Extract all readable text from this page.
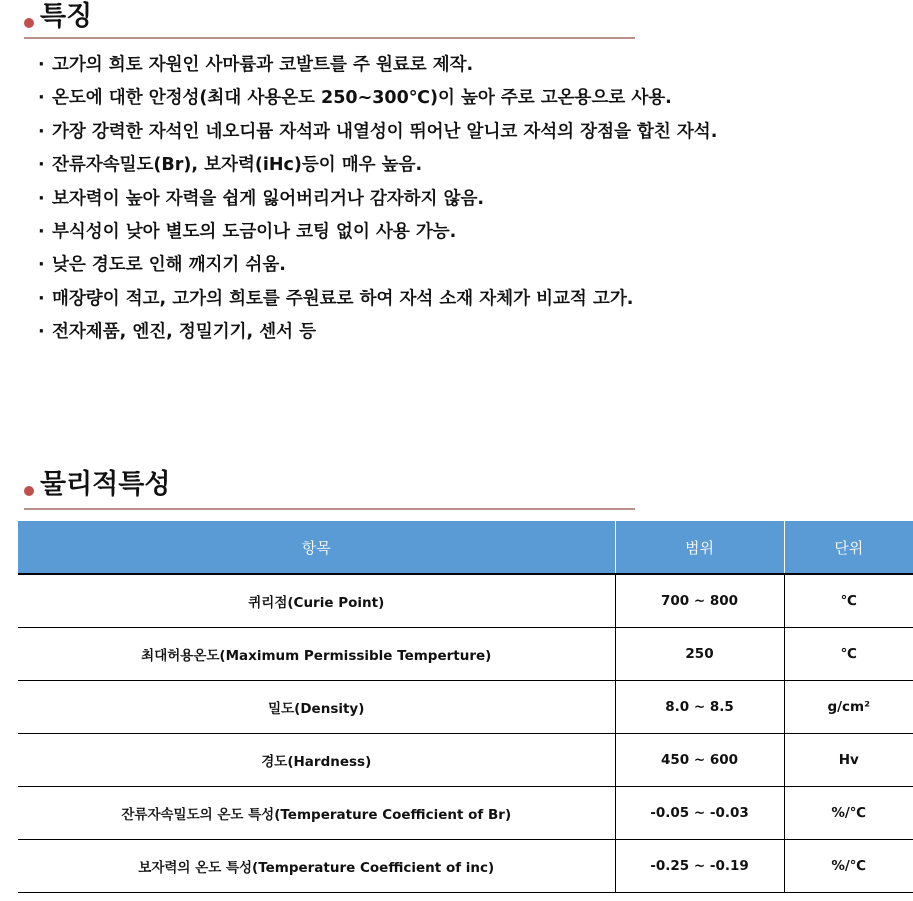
특징
· 고가의 희토 자원인 사마륨과 코발트를 주 원료로 제작.
· 온도에 대한 안정성(최대 사용온도 250~300℃)이 높아 주로 고온용으로 사용.
· 가장 강력한 자석인 네오디뮴 자석과 내열성이 뛰어난 알니코 자석의 장점을 합친 자석.
· 잔류자속밀도(Br), 보자력(iHc)등이 매우 높음.
· 보자력이 높아 자력을 쉽게 잃어버리거나 감자하지 않음.
· 부식성이 낮아 별도의 도금이나 코팅 없이 사용 가능.
· 낮은 경도로 인해 깨지기 쉬움.
· 매장량이 적고, 고가의 희토를 주원료로 하여 자석 소재 자체가 비교적 고가.
· 전자제품, 엔진, 정밀기기, 센서 등
물리적특성
항목	범위	단위
퀴리점(Curie Point)	700 ~ 800	℃
최대허용온도(Maximum Permissible Temperture)	250	℃
밀도(Density)	8.0 ~ 8.5	g/cm²
경도(Hardness)	450 ~ 600	Hv
잔류자속밀도의 온도 특성(Temperature Coefficient of Br)	-0.05 ~ -0.03	%/℃
보자력의 온도 특성(Temperature Coefficient of inc)	-0.25 ~ -0.19	%/℃
